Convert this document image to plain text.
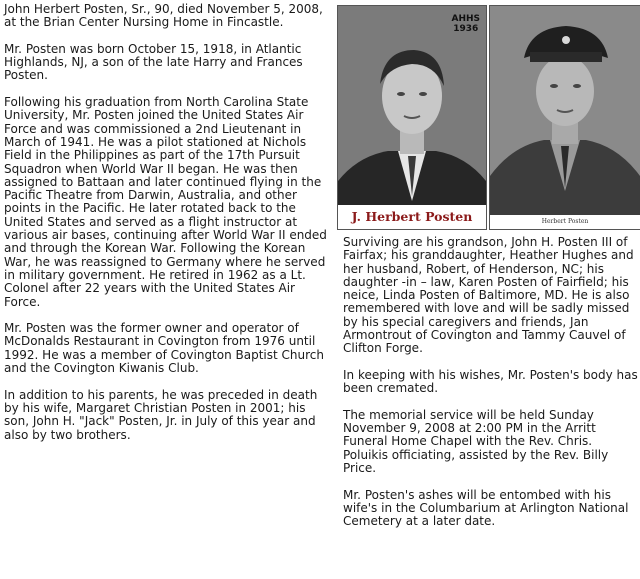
John Herbert Posten, Sr., 90, died November 5, 2008, at the Brian Center Nursing Home in Fincastle.

Mr. Posten was born October 15, 1918, in Atlantic Highlands, NJ, a son of the late Harry and Frances Posten.

Following his graduation from North Carolina State University, Mr. Posten joined the United States Air Force and was commissioned a 2nd Lieutenant in March of 1941. He was a pilot stationed at Nichols Field in the Philippines as part of the 17th Pursuit Squadron when World War II began. He was then assigned to Battaan and later continued flying in the Pacific Theatre from Darwin, Australia, and other points in the Pacific. He later rotated back to the United States and served as a flight instructor at various air bases, continuing after World War II ended and through the Korean War. Following the Korean War, he was reassigned to Germany where he served in military government. He retired in 1962 as a Lt. Colonel after 22 years with the United States Air Force.

Mr. Posten was the former owner and operator of McDonalds Restaurant in Covington from 1976 until 1992. He was a member of Covington Baptist Church and the Covington Kiwanis Club.

In addition to his parents, he was preceded in death by his wife, Margaret Christian Posten in 2001; his son, John H. "Jack" Posten, Jr. in July of this year and also by two brothers.

AHHS
1936
J. Herbert Posten	Herbert Posten

Surviving are his grandson, John H. Posten III of Fairfax; his granddaughter, Heather Hughes and her husband, Robert, of Henderson, NC; his daughter -in – law, Karen Posten of Fairfield; his neice, Linda Posten of Baltimore, MD. He is also remembered with love and will be sadly missed by his special caregivers and friends, Jan Armontrout of Covington and Tammy Cauvel of Clifton Forge.

In keeping with his wishes, Mr. Posten's body has been cremated.

The memorial service will be held Sunday November 9, 2008 at 2:00 PM in the Arritt Funeral Home Chapel with the Rev. Chris. Poluikis officiating, assisted by the Rev. Billy Price.

Mr. Posten's ashes will be entombed with his wife's in the Columbarium at Arlington National Cemetery at a later date.
